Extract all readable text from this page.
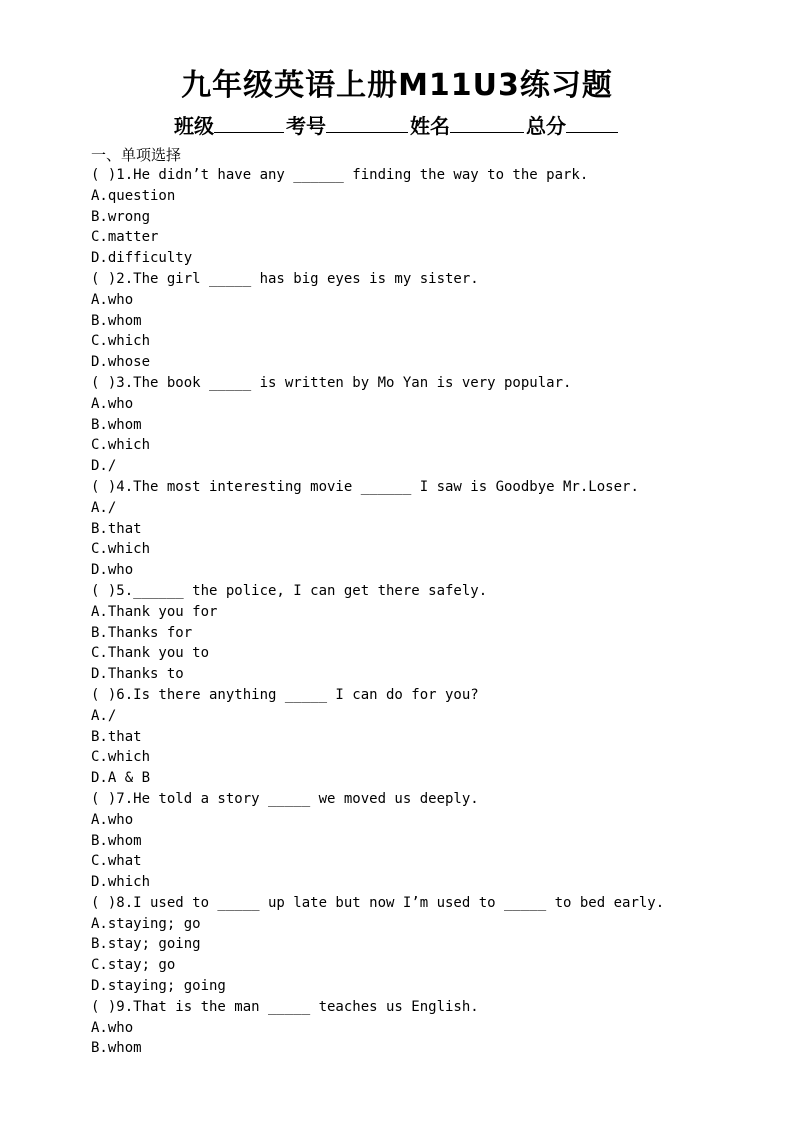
九年级英语上册M11U3练习题
班级	考号	姓名	总分
一、单项选择
( )1.He didn’t have any ______ finding the way to the park.
A.question
B.wrong
C.matter
D.difficulty
( )2.The girl _____ has big eyes is my sister.
A.who
B.whom
C.which
D.whose
( )3.The book _____ is written by Mo Yan is very popular.
A.who
B.whom
C.which
D./
( )4.The most interesting movie ______ I saw is Goodbye Mr.Loser.
A./
B.that
C.which
D.who
( )5.______ the police, I can get there safely.
A.Thank you for
B.Thanks for
C.Thank you to
D.Thanks to
( )6.Is there anything _____ I can do for you?
A./
B.that
C.which
D.A & B
( )7.He told a story _____ we moved us deeply.
A.who
B.whom
C.what
D.which
( )8.I used to _____ up late but now I’m used to _____ to bed early.
A.staying; go
B.stay; going
C.stay; go
D.staying; going
( )9.That is the man _____ teaches us English.
A.who
B.whom
